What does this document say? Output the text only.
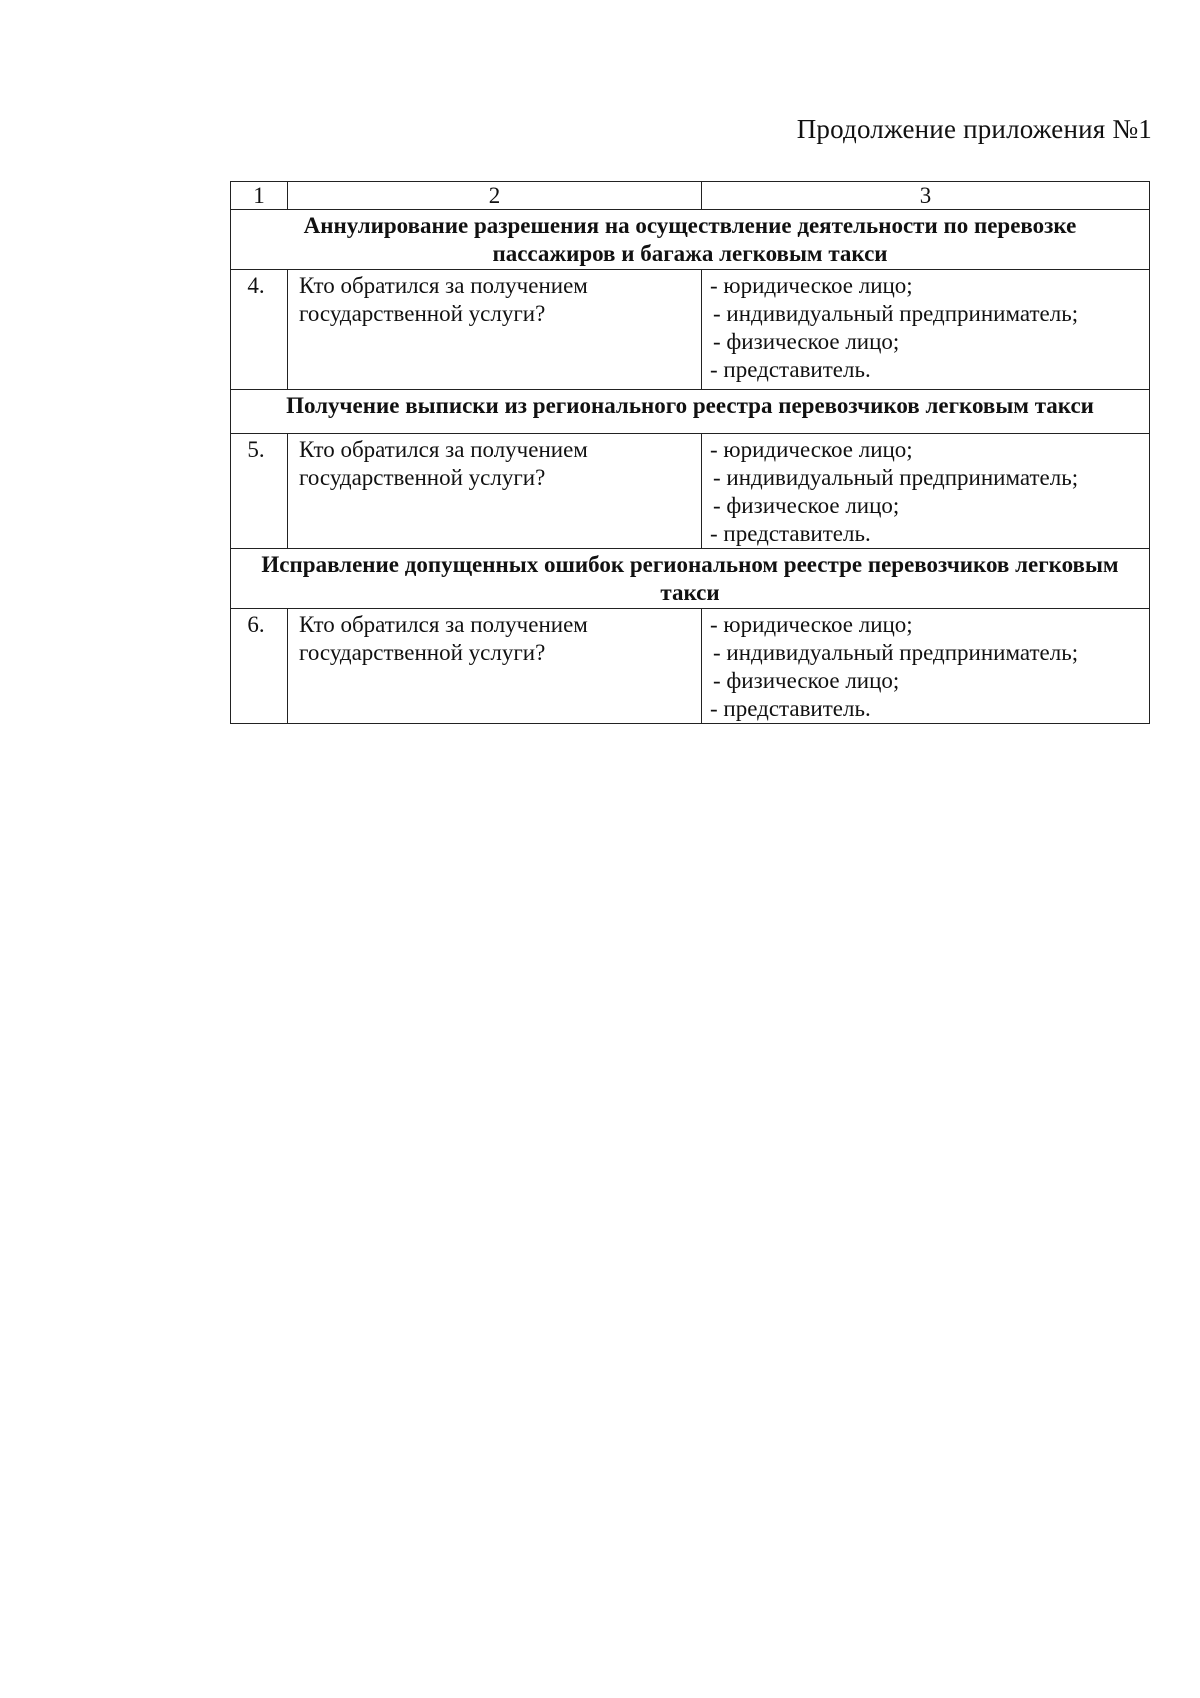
Продолжение приложения №1
1	2	3
Аннулирование разрешения на осуществление деятельности по перевозке пассажиров и багажа легковым такси		
4.	Кто обратился за получением государственной услуги?	- юридическое лицо;
- индивидуальный предприниматель;
- физическое лицо;
- представитель.

Получение выписки из регионального реестра перевозчиков легковым такси		
5.	Кто обратился за получением государственной услуги?	- юридическое лицо;
- индивидуальный предприниматель;
- физическое лицо;
- представитель.

Исправление допущенных ошибок региональном реестре перевозчиков легковым такси		
6.	Кто обратился за получением государственной услуги?	- юридическое лицо;
- индивидуальный предприниматель;
- физическое лицо;
- представитель.
